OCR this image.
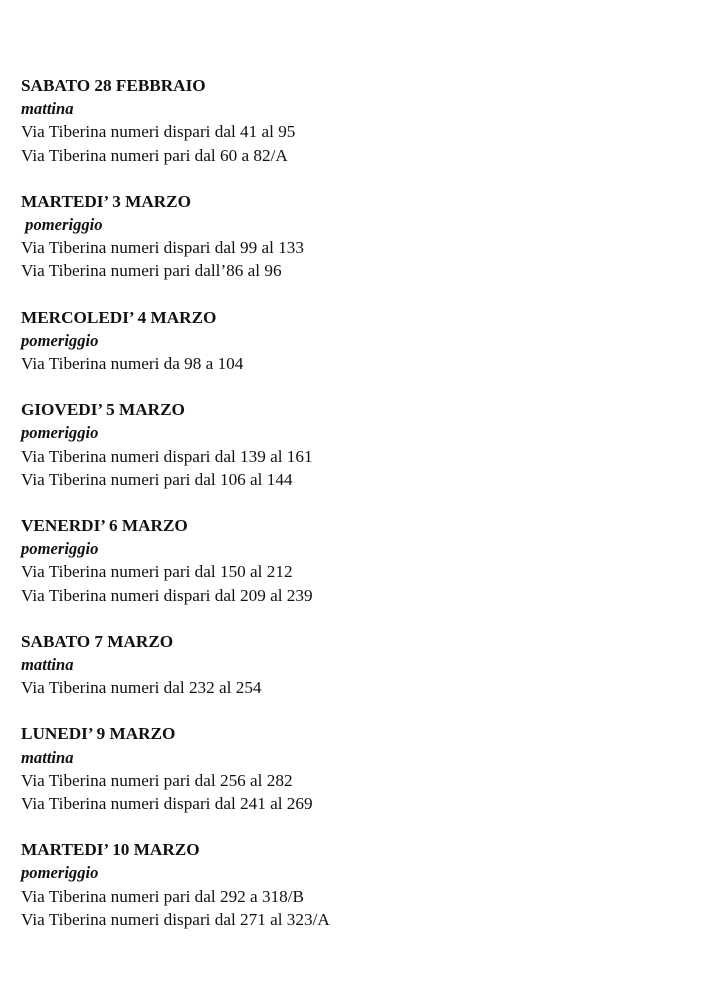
SABATO 28 FEBBRAIO
mattina
Via Tiberina numeri dispari dal 41 al 95
Via Tiberina numeri pari dal 60 a 82/A
MARTEDI’ 3 MARZO
pomeriggio
Via Tiberina numeri dispari dal 99 al 133
Via Tiberina numeri pari dall’86 al 96
MERCOLEDI’ 4 MARZO
pomeriggio
Via Tiberina numeri da 98 a 104
GIOVEDI’ 5 MARZO
pomeriggio
Via Tiberina numeri dispari dal 139 al 161
Via Tiberina numeri pari dal 106 al 144
VENERDI’ 6 MARZO
pomeriggio
Via Tiberina numeri pari dal 150 al 212
Via Tiberina numeri dispari dal 209 al 239
SABATO 7 MARZO
mattina
Via Tiberina numeri dal 232 al 254
LUNEDI’ 9 MARZO
mattina
Via Tiberina numeri pari dal 256 al 282
Via Tiberina numeri dispari dal 241 al 269
MARTEDI’ 10 MARZO
pomeriggio
Via Tiberina numeri pari dal 292 a 318/B
Via Tiberina numeri dispari dal 271 al 323/A
